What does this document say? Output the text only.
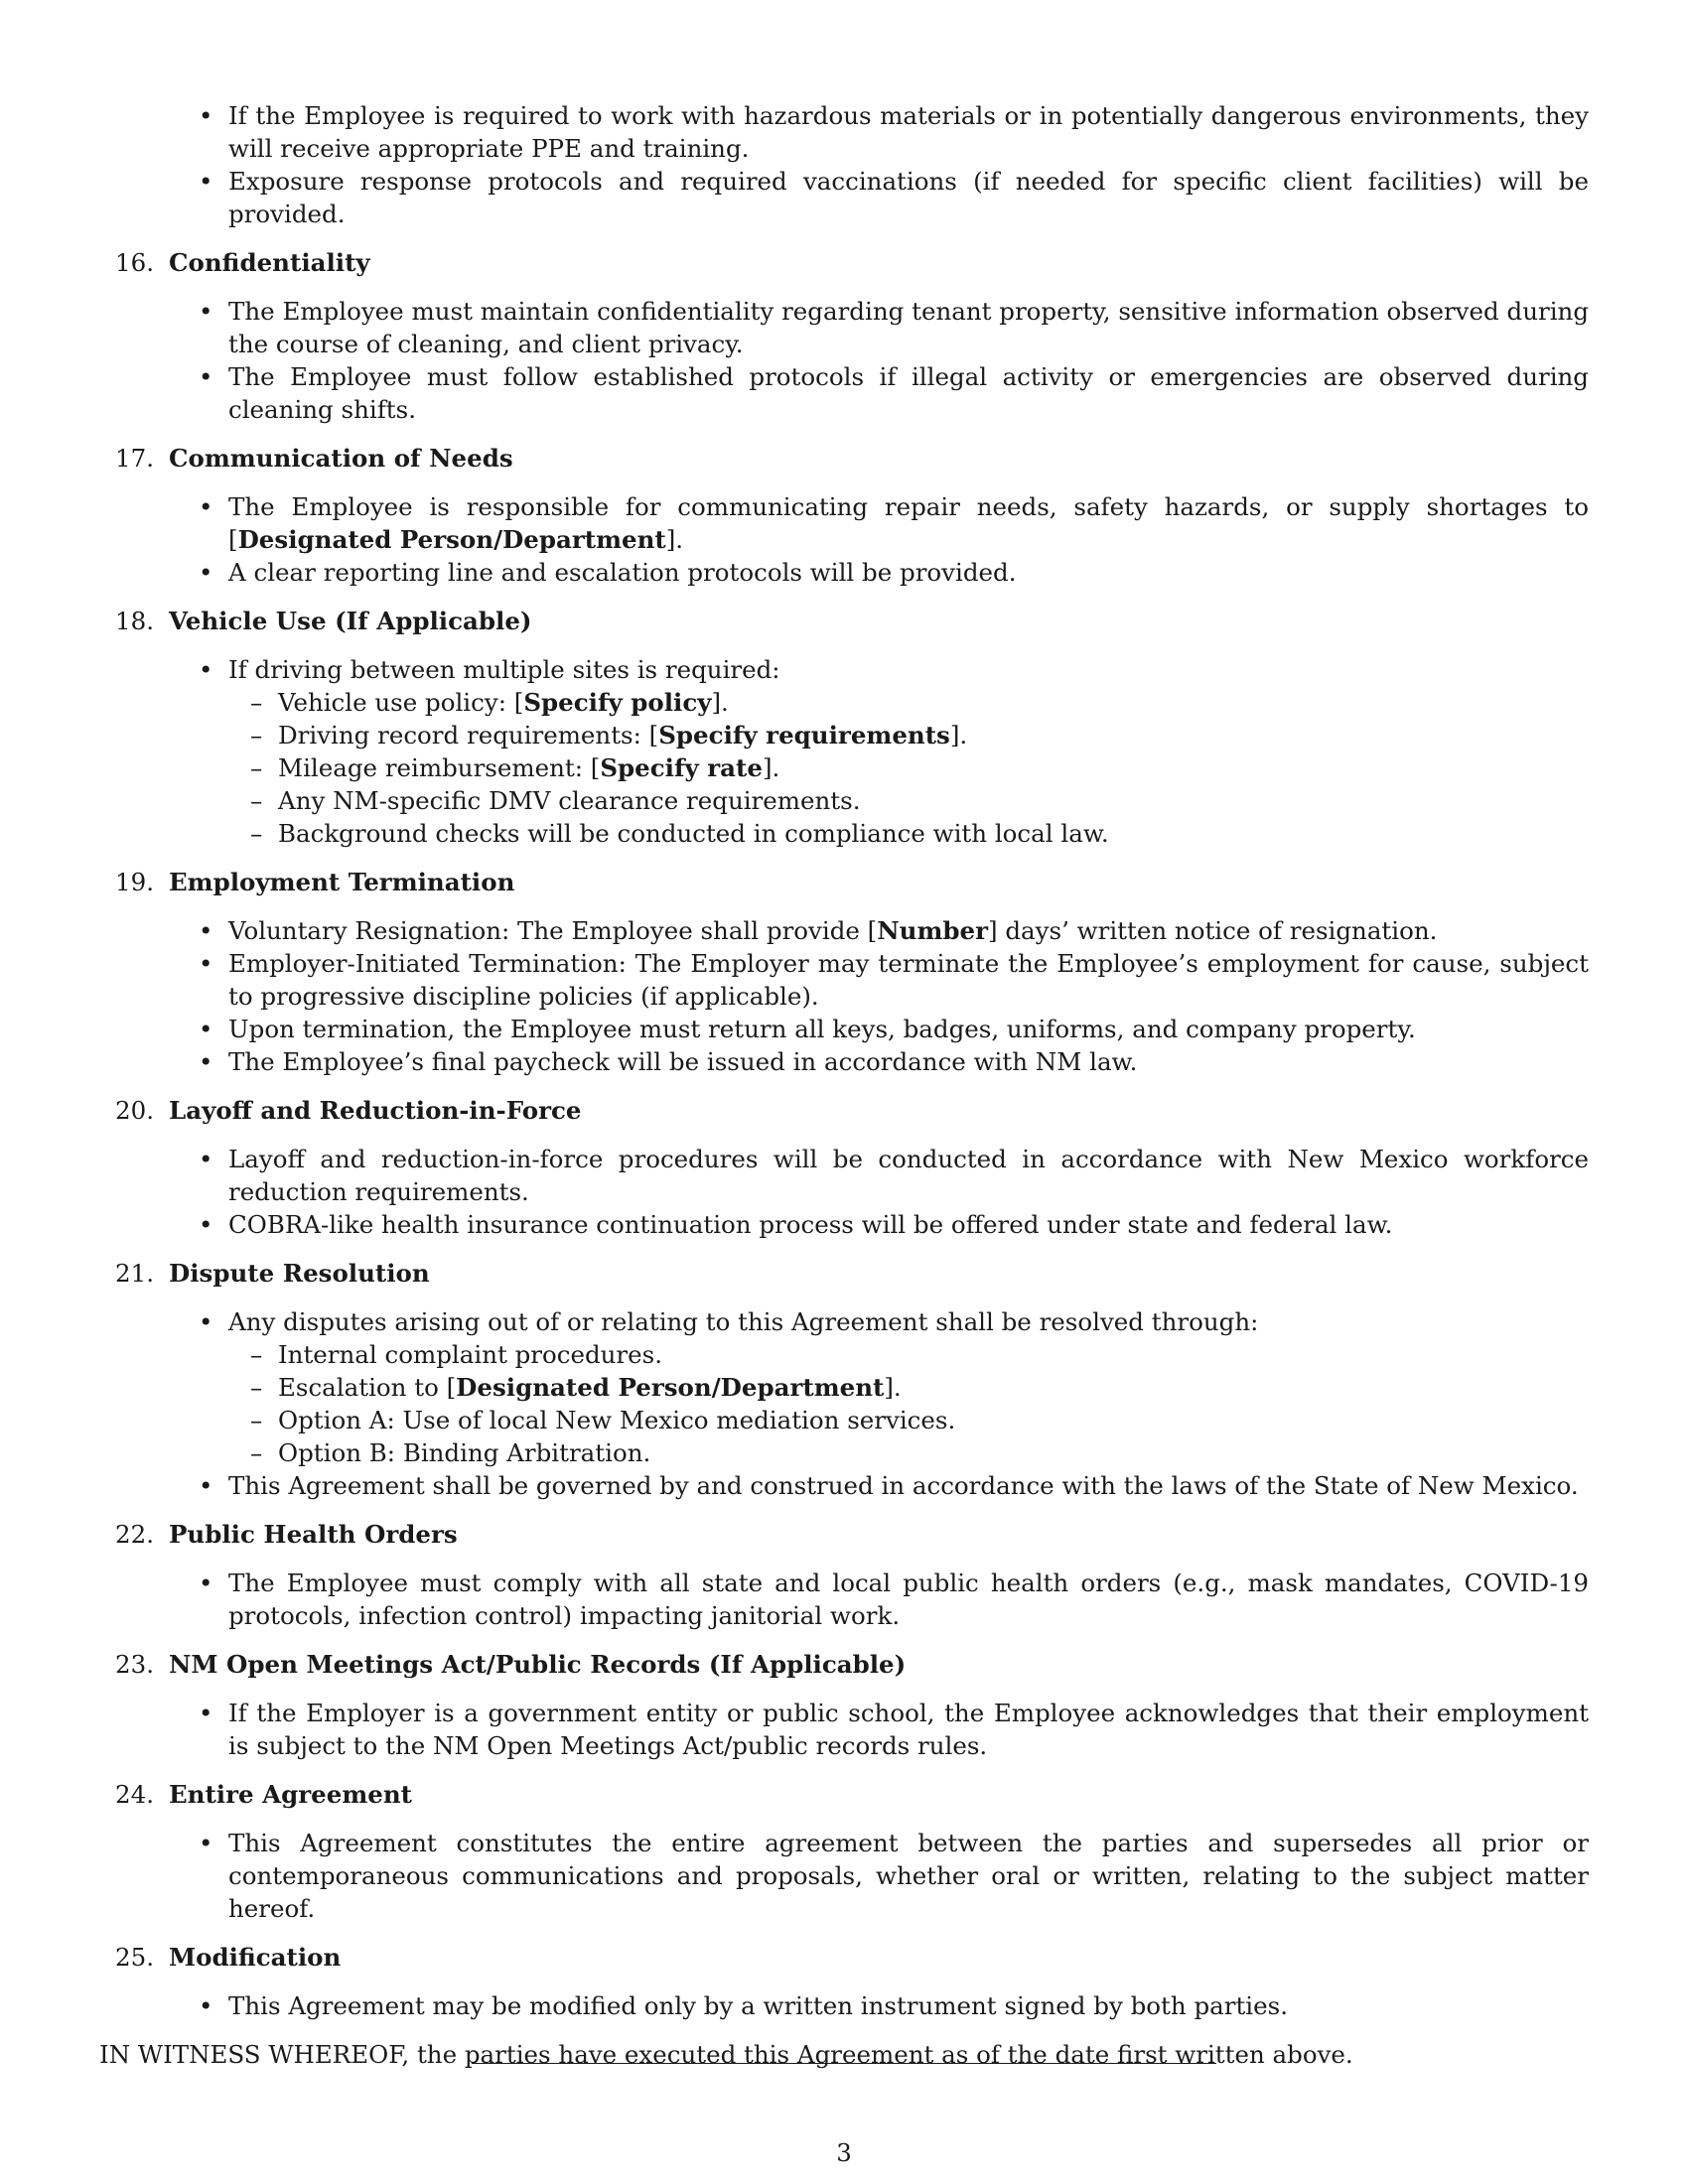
• If the Employee is required to work with hazardous materials or in potentially dangerous environments, they will receive appropriate PPE and training.
• Exposure response protocols and required vaccinations (if needed for specific client facilities) will be provided.
16. Confidentiality
• The Employee must maintain confidentiality regarding tenant property, sensitive information observed during the course of cleaning, and client privacy.
• The Employee must follow established protocols if illegal activity or emergencies are observed during cleaning shifts.
17. Communication of Needs
• The Employee is responsible for communicating repair needs, safety hazards, or supply shortages to [Designated Person/Department].
• A clear reporting line and escalation protocols will be provided.
18. Vehicle Use (If Applicable)
• If driving between multiple sites is required:
– Vehicle use policy: [Specify policy].
– Driving record requirements: [Specify requirements].
– Mileage reimbursement: [Specify rate].
– Any NM-specific DMV clearance requirements.
– Background checks will be conducted in compliance with local law.
19. Employment Termination
• Voluntary Resignation: The Employee shall provide [Number] days’ written notice of resignation.
• Employer-Initiated Termination: The Employer may terminate the Employee’s employment for cause, subject to progressive discipline policies (if applicable).
• Upon termination, the Employee must return all keys, badges, uniforms, and company property.
• The Employee’s final paycheck will be issued in accordance with NM law.
20. Layoff and Reduction-in-Force
• Layoff and reduction-in-force procedures will be conducted in accordance with New Mexico workforce reduction requirements.
• COBRA-like health insurance continuation process will be offered under state and federal law.
21. Dispute Resolution
• Any disputes arising out of or relating to this Agreement shall be resolved through:
– Internal complaint procedures.
– Escalation to [Designated Person/Department].
– Option A: Use of local New Mexico mediation services.
– Option B: Binding Arbitration.
• This Agreement shall be governed by and construed in accordance with the laws of the State of New Mexico.
22. Public Health Orders
• The Employee must comply with all state and local public health orders (e.g., mask mandates, COVID-19 protocols, infection control) impacting janitorial work.
23. NM Open Meetings Act/Public Records (If Applicable)
• If the Employer is a government entity or public school, the Employee acknowledges that their employment is subject to the NM Open Meetings Act/public records rules.
24. Entire Agreement
• This Agreement constitutes the entire agreement between the parties and supersedes all prior or contemporaneous communications and proposals, whether oral or written, relating to the subject matter hereof.
25. Modification
• This Agreement may be modified only by a written instrument signed by both parties.
IN WITNESS WHEREOF, the parties have executed this Agreement as of the date first written above.
3
